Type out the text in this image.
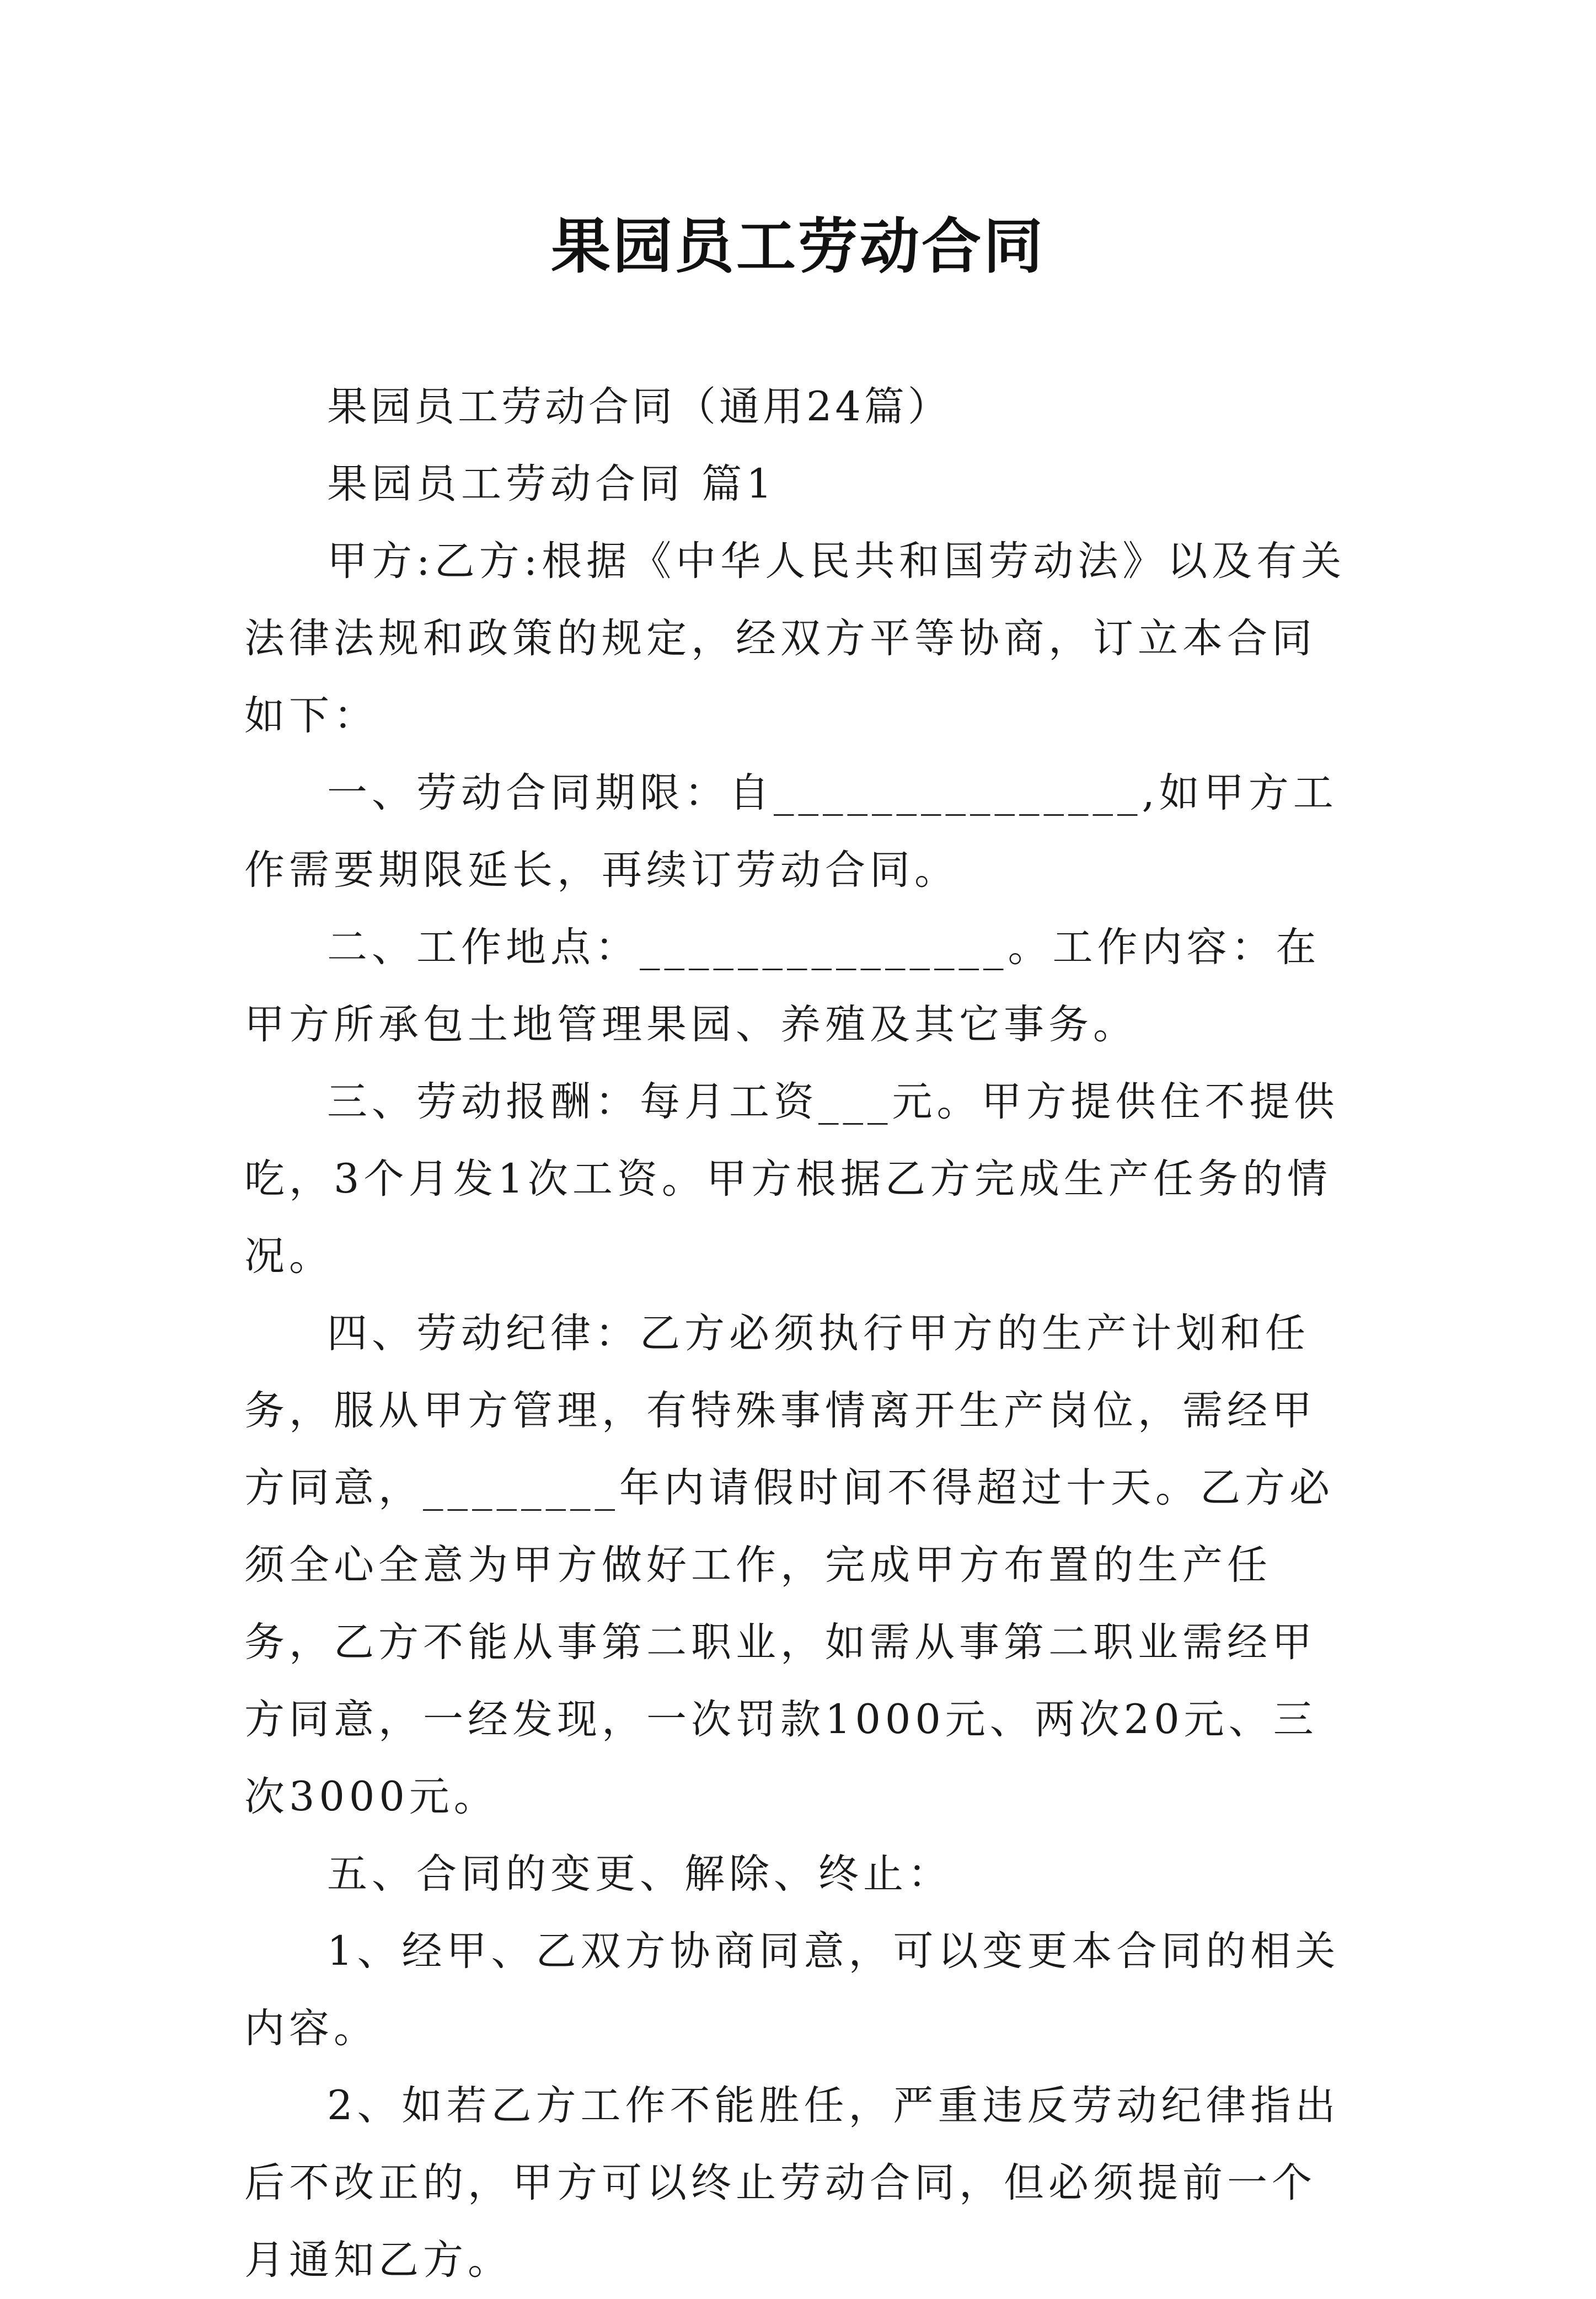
果园员工劳动合同

果园员工劳动合同（通用24篇）

果园员工劳动合同 篇1

甲方:乙方:根据《中华人民共和国劳动法》以及有关法律法规和政策的规定，经双方平等协商，订立本合同如下：

一、劳动合同期限：自_______________,如甲方工作需要期限延长，再续订劳动合同。

二、工作地点：_______________。工作内容：在甲方所承包土地管理果园、养殖及其它事务。

三、劳动报酬：每月工资___元。甲方提供住不提供吃，3个月发1次工资。甲方根据乙方完成生产任务的情况。

四、劳动纪律：乙方必须执行甲方的生产计划和任务，服从甲方管理，有特殊事情离开生产岗位，需经甲方同意，________年内请假时间不得超过十天。乙方必须全心全意为甲方做好工作，完成甲方布置的生产任务，乙方不能从事第二职业，如需从事第二职业需经甲方同意，一经发现，一次罚款1000元、两次20元、三次3000元。

五、合同的变更、解除、终止：

1、经甲、乙双方协商同意，可以变更本合同的相关内容。

2、如若乙方工作不能胜任，严重违反劳动纪律指出后不改正的，甲方可以终止劳动合同，但必须提前一个月通知乙方。
